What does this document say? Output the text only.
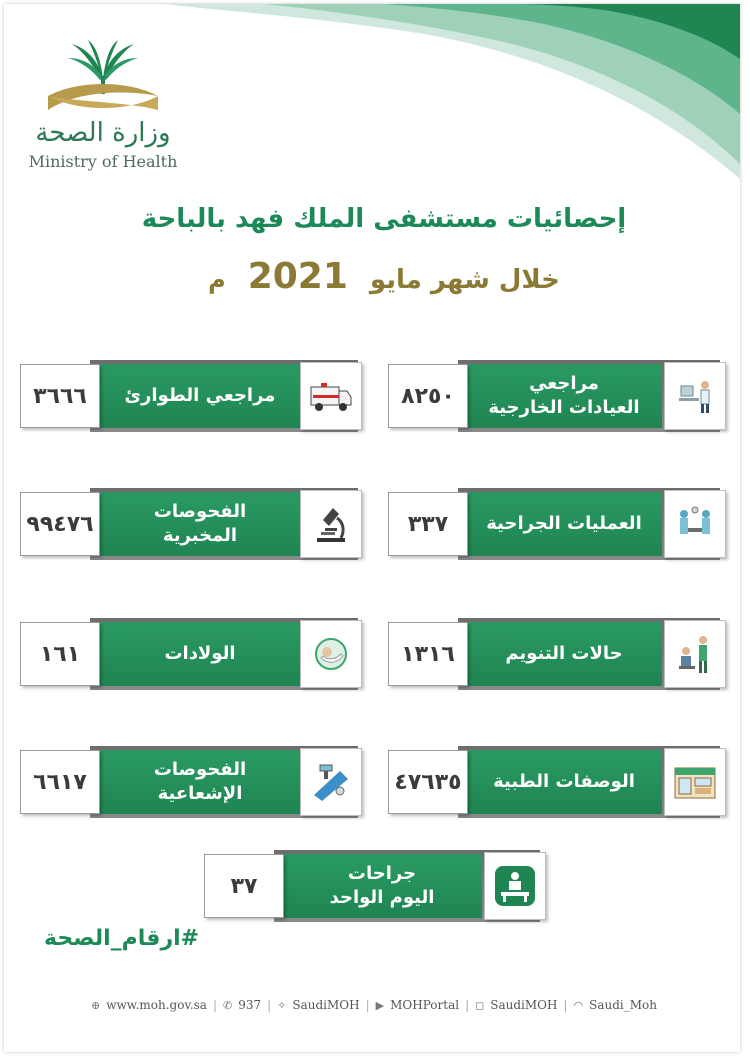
وزارة الصحة
Ministry of Health
إحصائيات مستشفى الملك فهد بالباحة
خلال شهر مايو
2021
م
٨٢٥٠
مراجعي
العيادات الخارجية
٣٦٦٦	مراجعي الطوارئ
٣٣٧	العمليات الجراحية
٩٩٤٧٦
الفحوصات
المخبرية
١٣١٦	حالات التنويم
١٦١	الولادات
٤٧٦٣٥	الوصفات الطبية
٦٦١٧
الفحوصات
الإشعاعية
٣٧
جراحات
اليوم الواحد
#ارقام_الصحة
⊕ www.moh.gov.sa | ✆ 937 | ✧ SaudiMOH | ▶ MOHPortal | ◻ SaudiMOH | ◠ Saudi_Moh
